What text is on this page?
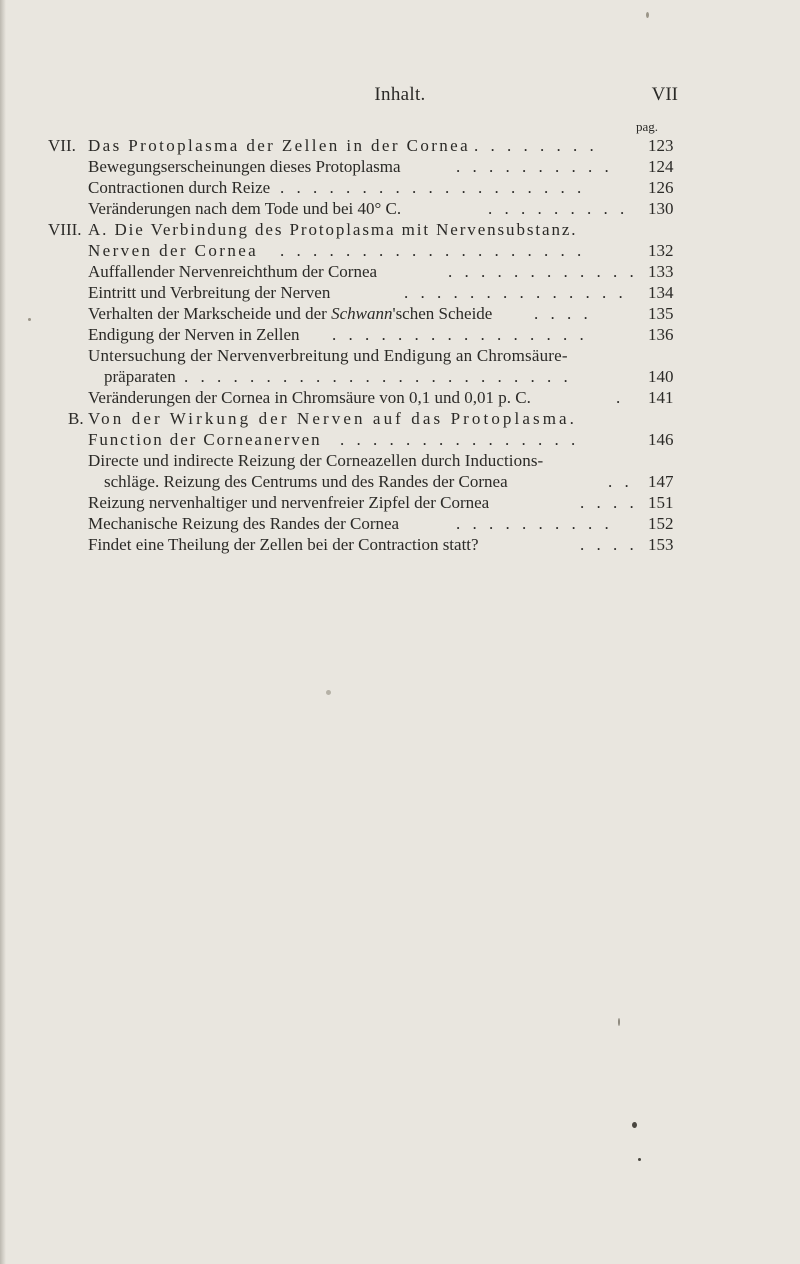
Inhalt.	VII
pag.
VII. Das Protoplasma der Zellen in der Cornea . . . . . . . .	123
Bewegungserscheinungen dieses Protoplasma	. . . . . . . . . . 124
Contractionen durch Reize . . . . . . . . . . . . . . . . . . .	126
Veränderungen nach dem Tode und bei 40° C.	. . . . . . . . . 130
VIII. A. Die Verbindung des Protoplasma mit Nervensubstanz.
Nerven der Cornea . . . . . . . . . . . . . . . . . . .	132
Auffallender Nervenreichthum der Cornea	. . . . . . . . . . . . 133
Eintritt und Verbreitung der Nerven	. . . . . . . . . . . . . . 134
Verhalten der Markscheide und der Schwann'schen Scheide . . . .	135
Endigung der Nerven in Zellen . . . . . . . . . . . . . . . .	136
Untersuchung der Nervenverbreitung und Endigung an Chromsäure-
präparaten . . . . . . . . . . . . . . . . . . . . . . . .	140
Veränderungen der Cornea in Chromsäure von 0,1 und 0,01 p. C.	. 141
B. Von der Wirkung der Nerven auf das Protoplasma.
Function der Corneanerven . . . . . . . . . . . . . . .	146
Directe und indirecte Reizung der Corneazellen durch Inductions-
schläge. Reizung des Centrums und des Randes der Cornea	. . 147
Reizung nervenhaltiger und nervenfreier Zipfel der Cornea	. . . . 151
Mechanische Reizung des Randes der Cornea	. . . . . . . . . . 152
Findet eine Theilung der Zellen bei der Contraction statt?	. . . . 153
